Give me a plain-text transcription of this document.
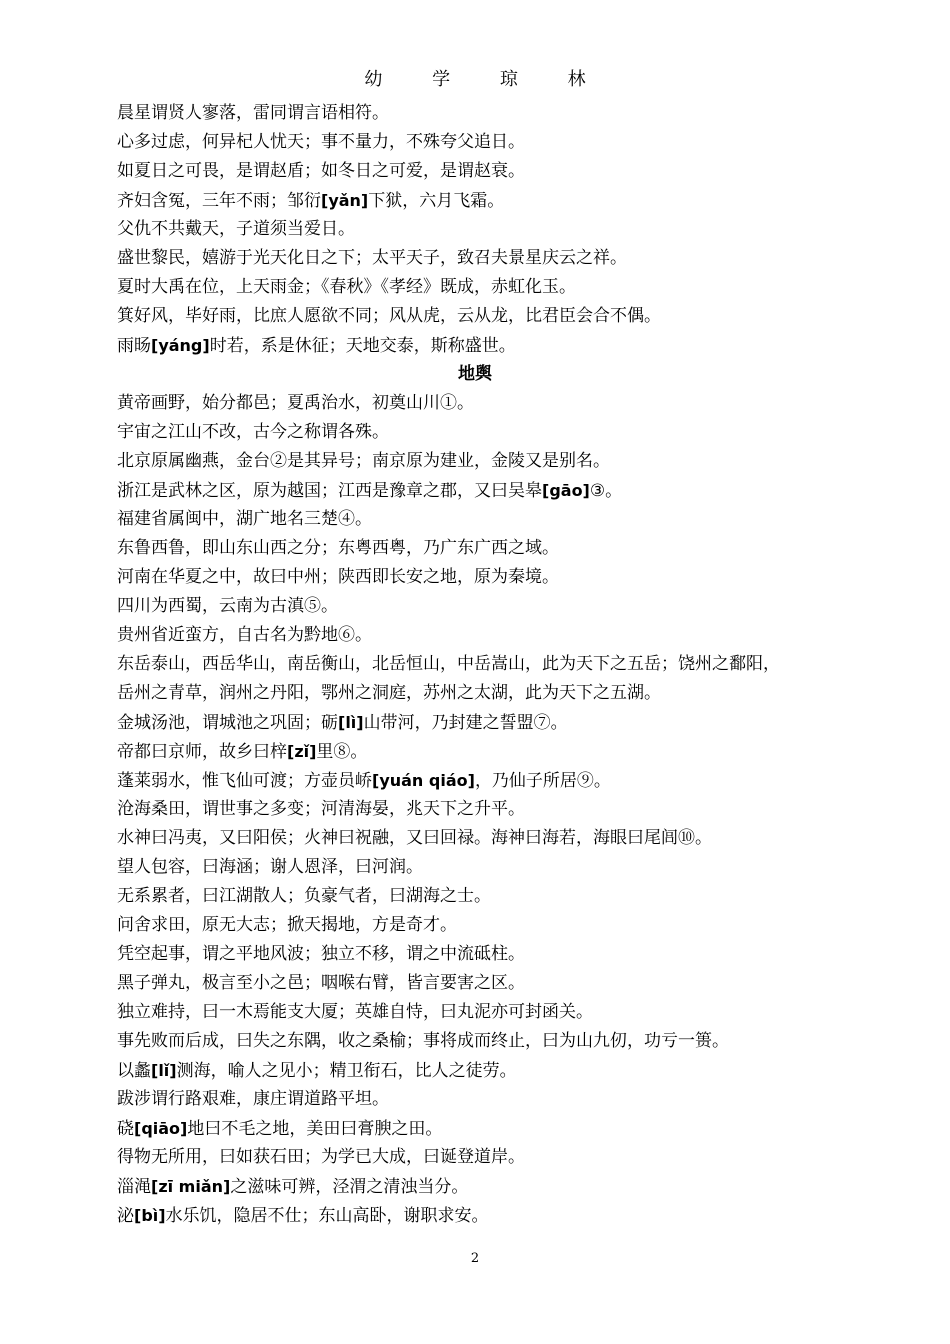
幼 学 琼 林
晨星谓贤人寥落，雷同谓言语相符。
心多过虑，何异杞人忧天；事不量力，不殊夸父追日。
如夏日之可畏，是谓赵盾；如冬日之可爱，是谓赵衰。
齐妇含冤，三年不雨；邹衍[yǎn]下狱，六月飞霜。
父仇不共戴天，子道须当爱日。
盛世黎民，嬉游于光天化日之下；太平天子，致召夫景星庆云之祥。
夏时大禹在位，上天雨金；《春秋》《孝经》既成，赤虹化玉。
箕好风，毕好雨，比庶人愿欲不同；风从虎，云从龙，比君臣会合不偶。
雨旸[yáng]时若，系是休征；天地交泰，斯称盛世。
地舆
黄帝画野，始分都邑；夏禹治水，初奠山川①。
宇宙之江山不改，古今之称谓各殊。
北京原属幽燕，金台②是其异号；南京原为建业，金陵又是别名。
浙江是武林之区，原为越国；江西是豫章之郡，又曰吴皋[gāo]③。
福建省属闽中，湖广地名三楚④。
东鲁西鲁，即山东山西之分；东粤西粤，乃广东广西之域。
河南在华夏之中，故曰中州；陕西即长安之地，原为秦境。
四川为西蜀，云南为古滇⑤。
贵州省近蛮方，自古名为黔地⑥。
东岳泰山，西岳华山，南岳衡山，北岳恒山，中岳嵩山，此为天下之五岳；饶州之鄱阳，
岳州之青草，润州之丹阳，鄂州之洞庭，苏州之太湖，此为天下之五湖。
金城汤池，谓城池之巩固；砺[lì]山带河，乃封建之誓盟⑦。
帝都曰京师，故乡曰梓[zǐ]里⑧。
蓬莱弱水，惟飞仙可渡；方壶员峤[yuán qiáo]，乃仙子所居⑨。
沧海桑田，谓世事之多变；河清海晏，兆天下之升平。
水神曰冯夷，又曰阳侯；火神曰祝融，又曰回禄。海神曰海若，海眼曰尾闾⑩。
望人包容，曰海涵；谢人恩泽，曰河润。
无系累者，曰江湖散人；负豪气者，曰湖海之士。
问舍求田，原无大志；掀天揭地，方是奇才。
凭空起事，谓之平地风波；独立不移，谓之中流砥柱。
黑子弹丸，极言至小之邑；咽喉右臂，皆言要害之区。
独立难持，曰一木焉能支大厦；英雄自恃，曰丸泥亦可封函关。
事先败而后成，曰失之东隅，收之桑榆；事将成而终止，曰为山九仞，功亏一篑。
以蠡[lǐ]测海，喻人之见小；精卫衔石，比人之徒劳。
跋涉谓行路艰难，康庄谓道路平坦。
硗[qiāo]地曰不毛之地，美田曰膏腴之田。
得物无所用，曰如获石田；为学已大成，曰诞登道岸。
淄渑[zī miǎn]之滋味可辨，泾渭之清浊当分。
泌[bì]水乐饥，隐居不仕；东山高卧，谢职求安。
2
